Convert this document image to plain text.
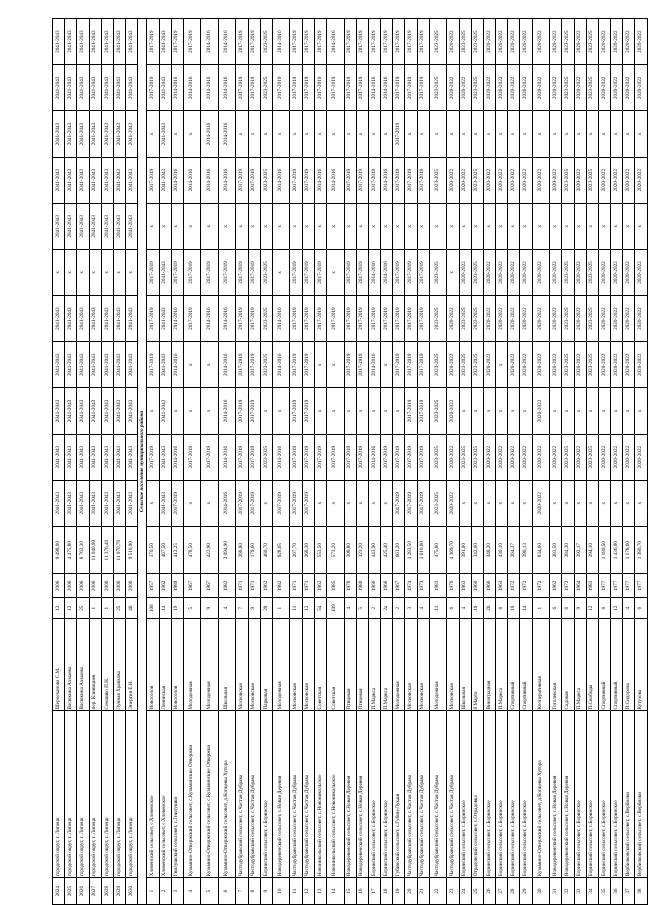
2624	городской округ, г. Липецк	Шероеханова С.М.	13	2006	9 498,00	2041-2043	2041-2043	2041-2043	2041-2043	2041-2043	х	2041-2043	2041-2043	2041-2043	2041-2043	2041-2043
2625	городской округ, г. Липецк	Васюкина Ахмаева	12	2006	4 475,80	2041-2043	2041-2043	2041-2043	2041-2043	2041-2043	х	2041-2043	2041-2043	2041-2043	2041-2043	2041-2043
2626	городской округ, г. Липецк	Васюкина Ахмаева	25	2006	8 762,30	2041-2043	2041-2043	2041-2043	2041-2043	2041-2043	х	2041-2043	2041-2043	2041-2043	2041-2043	2041-2043
2627	городской округ, г. Липецк	пер. Клинициев	1	2006	11 040,90	2041-2043	2041-2043	2041-2043	2041-2043	2041-2043	х	2041-2043	2041-2043	2041-2043	2041-2043	2041-2043
2628	городской округ, г. Липецк	Семашко П.Н.	1	2006	11 376,40	2041-2043	2041-2043	2041-2043	2041-2043	2041-2043	х	2041-2043	2041-2043	2041-2043	2041-2043	2041-2043
2629	городской округ, г. Липецк	Лунная Храпкова	25	2006	11 070,70	2041-2043	2041-2043	2041-2043	2041-2043	2041-2043	х	2041-2043	2041-2043	2041-2043	2041-2043	2041-2043
2630	городской округ, г. Липецк	Энергия Е.Н.	46	2006	9 510,90	2041-2043	2041-2043	2041-2043	2041-2043	2041-2043	х	2041-2043	2041-2043	2041-2043	2041-2043	2041-2043
Сельское поселение муниципального района																
1	Хлевенский сельсовет, с.Хлевенское	Новоселов	108	1957	170,50	х	2017-2019	х	2017-2019	2017-2019	2017-2019	х	2017-2019	х	2017-2019	2017-2019
2	Хлевенский сельсовет, с.Хлевенское	Ленинская	14	1962	467,50	2041-2043	2041-2043	2041-2043	2041-2043	2041-2043	2041-2043	х	2041-2043	2041-2043	2041-2043	2041-2043
3	Гнилушский сельсовет, с.Гнилушки	Новоселов	19	1989	412,25	2017-2019	2014-2016	х	2014-2016	2014-2016	2017-2019	х	2014-2016	х	2014-2016	2017-2019
4	Кузьмино-Отвержский сельсовет, с.Кузьминские Отвержки	Молодежная	5	1967	478,50	х	2017-2019	х	х	2017-2019	2017-2019	х	2014-2016	х	2014-2016	2017-2019
5	Кузьмино-Отвержский сельсовет, с.Кузьминские Отвержки	Молодежная	9	1967	422,90	х	2017-2019	х	х	2014-2016	2017-2019	х	2014-2016	2014-2016	2014-2016	2014-2016
6	Кузьмино-Отвержский сельсовет, д.Копцевы Хутора	Школьная	4	1982	2 094,90	2014-2016	2014-2016	2014-2016	2014-2016	2014-2016	2017-2019	х	2014-2016	2014-2016	2014-2016	2014-2016
7	Частодубравский сельсовет, с.Частая Дубрава	Московская	7	1971	268,80	2017-2019	2017-2019	2017-2019	2017-2019	2017-2019	2017-2019	х	2017-2019	х	2017-2019	2017-2019
8	Частодубравский сельсовет, с.Частая Дубрава	Московская	9	1971	179,60	2017-2019	2017-2019	2017-2019	2017-2019	2017-2019	2017-2019	х	2017-2019	х	2017-2019	2017-2019
9	Боринский сельсовет, с.Боринское	Парковая	29	1962	460,70	х	2023-2025	х	2023-2025	2023-2025	2023-2025	х	2023-2025	х	2023-2025	2023-2025
10	Новодеревенский сельсовет, с.Новая Деревня	Молодежная	1	1982	928,65	2017-2019	2014-2016	х	2014-2016	2014-2016	х	х	2014-2016	х	2017-2019	2014-2016
11	Частодубравский сельсовет, с.Частая Дубрава	Московская	11	1971	267,70	2017-2019	2017-2019	2017-2019	2017-2019	2017-2019	2017-2019	х	2017-2019	х	2017-2019	2017-2019
12	Частодубравский сельсовет, с.Частая Дубрава	Московская	13	1971	268,30	2017-2019	2017-2019	2017-2019	2017-2019	2017-2019	2017-2019	х	2017-2019	х	2017-2019	2017-2019
13	Новоникольский сельсовет, с.Новоникольское	Советская	54	1962	553,50	х	2017-2019	х	х	2017-2019	2017-2019	х	2014-2016	х	2017-2019	2017-2019
14	Новоникольский сельсовет, с.Новоникольское	Советская	109	1985	573,20	х	2017-2019	х	х	2017-2019	х	х	2014-2016	х	2017-2019	2014-2016
15	Новодеревенский сельсовет, с.Новая Деревня	Птицевая	4	1978	308,80	х	2017-2019	х	2017-2019	2017-2019	2017-2019	х	2017-2019	х	2017-2019	2017-2019
16	Новодеревенский сельсовет, с.Новая Деревня	Птицевая	5	1980	323,20	х	2017-2019	х	2017-2019	2017-2019	2017-2019	х	2017-2019	х	2017-2019	2017-2019
17	Боринский сельсовет, с.Боринское	П.Маркса	2	1966	443,90	х	2014-2016	х	2014-2016	2017-2019	2014-2016	х	2017-2019	х	2014-2016	2017-2019
18	Боринский сельсовет, с.Боринское	П.Маркса	2а	1966	425,40	х	2017-2019	х	х	2017-2019	2014-2016	х	2014-2016	х	2014-2016	2017-2019
19	Губинский сельсовет, с.Губин-Лукаш	Молодежная	2	1967	661,20	2017-2019	2017-2019	х	2017-2019	2017-2019	2017-2019	х	2017-2019	2017-2019	2017-2019	2017-2019
20	Частодубравский сельсовет, с.Частая Дубрава	Московская	3	1974	1 283,50	2017-2019	2017-2019	2017-2019	2017-2019	2017-2019	2017-2019	х	2017-2019	х	2017-2019	2017-2019
21	Частодубравский сельсовет, с.Частая Дубрава	Московская	4	1973	1 610,60	2017-2019	2017-2019	2017-2019	2017-2019	2017-2019	2017-2019	х	2017-2019	х	2017-2019	2017-2019
22	Частодубравский сельсовет, с.Частая Дубрава	Молодежная	11	1983	475,80	2023-2025	2023-2025	2023-2025	2023-2025	2023-2025	2023-2025	х	2023-2025	х	2023-2025	2023-2025
23	Частодубравский сельсовет, с.Частая Дубрава	Московская	6	1976	4 369,70	2020-2022	2020-2022	2020-2022	2020-2022	2020-2022	х	х	2020-2022	х	2020-2022	2020-2022
24	Боринский сельсовет, с.Боринское	Школьная	4	1963	391,00	х	2023-2025	х	2023-2025	2023-2025	2020-2022	х	2020-2022	х	2020-2022	2023-2025
25	Отрадовский сельсовет, с.Отрадовка	8 Марта	19	1960	342,00	х	2023-2025	х	2023-2025	2023-2025	2023-2025	х	2023-2025	х	2023-2025	2023-2025
26	Боринский сельсовет, с.Боринское	Виноградная	26	1966	348,20	х	2020-2022	х	2020-2022	2020-2022	2020-2022	х	2020-2022	х	2020-2022	2020-2022
27	Боринский сельсовет, с.Боринское	П.Маркса	8	1963	430,10	х	2020-2022	х	х	2020-2022	2020-2022	х	2020-2022	х	2020-2022	2020-2022
28	Боринский сельсовет, с.Боринское	Спортивный	10	1972	264,37	х	2020-2022	х	2020-2022	2020-2022	2020-2022	х	2020-2022	х	2020-2022	2020-2022
29	Боринский сельсовет, с.Боринское	Спортивный	14	1972	390,13	х	2020-2022	х	2020-2022	2020-2022	2020-2022	х	2020-2022	х	2020-2022	2020-2022
30	Кузьмино-Отвержский сельсовет, д.Копцевы Хутора	Кооперативная	1	1972	834,60	2020-2022	2020-2022	2020-2022	2020-2022	2020-2022	2020-2022	х	2020-2022	х	2020-2022	2020-2022
31	Новодеревенский сельсовет, с.Новая Деревня	Гоголевская	6	1962	383,50	х	2020-2022	х	2020-2022	2020-2022	2020-2022	х	2020-2022	х	2020-2022	2020-2022
32	Новодеревенский сельсовет, с.Новая Деревня	Садовая	6	1972	384,30	х	2023-2025	х	2023-2025	2023-2025	2023-2025	х	2023-2025	х	2023-2025	2023-2025
33	Боринский сельсовет, с.Боринское	П.Маркса	9	1964	392,17	х	2020-2022	х	2020-2022	2020-2022	2020-2022	х	2020-2022	х	2020-2022	2020-2022
34	Боринский сельсовет, с.Боринское	П.Свободы	12	1983	294,10	х	2023-2025	х	2023-2025	2023-2025	2023-2025	х	2023-2025	х	2023-2025	2023-2025
35	Боринский сельсовет, с.Боринское	Спортивный	8	1977	1 180,50	х	2020-2022	х	2020-2022	2020-2022	2020-2022	х	2020-2022	х	2020-2022	2020-2022
36	Боринский сельсовет, с.Боринское	Спортивный	12	1977	1 436,00	х	2020-2022	х	2020-2022	2020-2022	2020-2022	х	2020-2022	х	2020-2022	2020-2022
37	Вербилковский сельсовет, с.Вербилки	П.Сидорова	4	1977	1 178,60	х	2020-2022	х	2020-2022	2020-2022	2020-2022	х	2020-2022	х	2020-2022	2020-2022
38	Вербилковский сельсовет, с.Вербилки	Кутузова	6	1977	1 380,70	х	2020-2022	х	2020-2022	2020-2022	2020-2022	х	2020-2022	х	2020-2022	2020-2022
